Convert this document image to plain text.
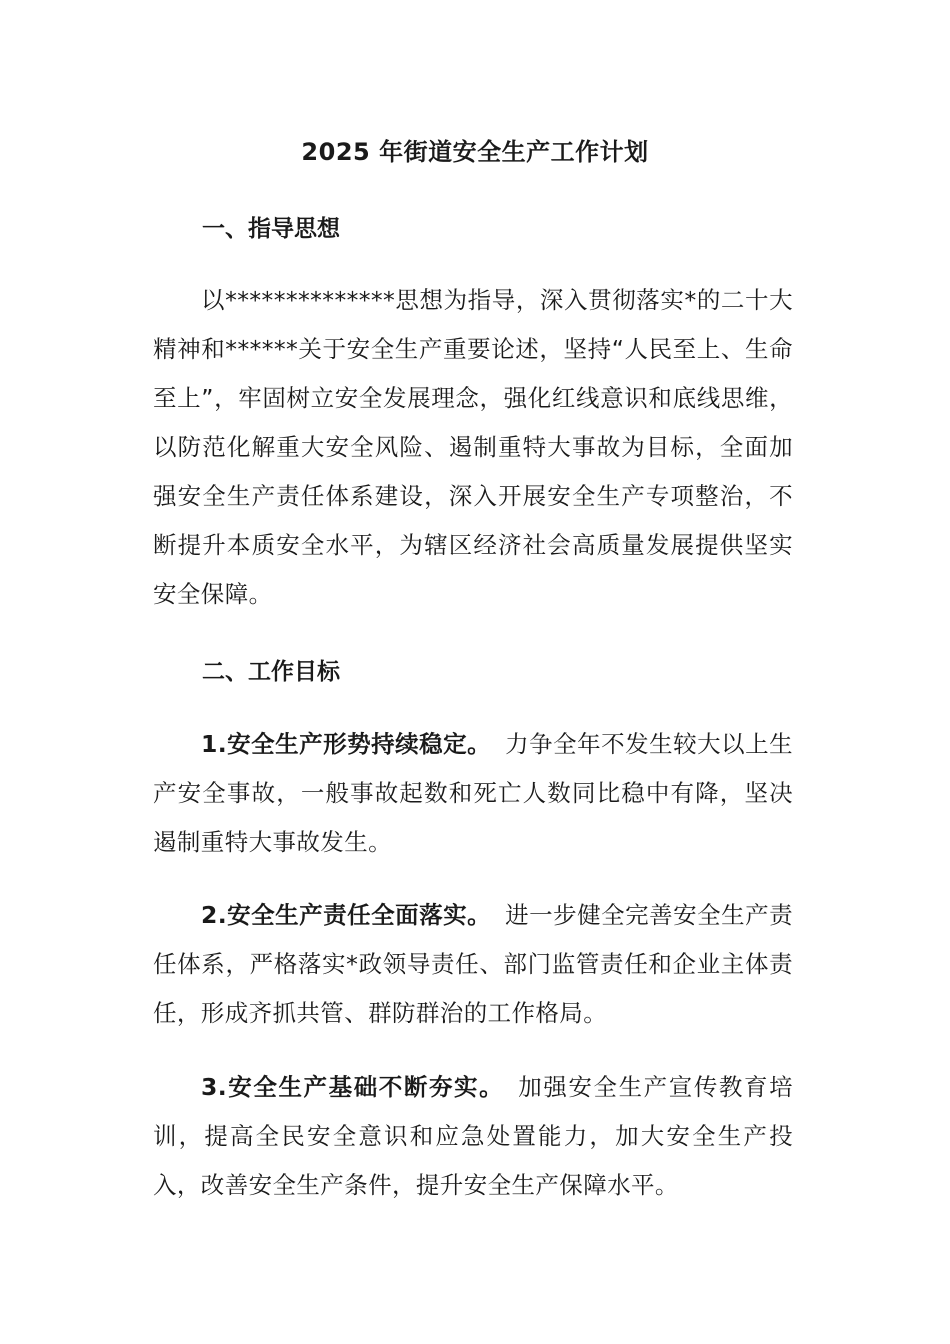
2025 年街道安全生产工作计划
一、指导思想

以**************思想为指导，深入贯彻落实*的二十大精神和******关于安全生产重要论述，坚持“人民至上、生命至上”，牢固树立安全发展理念，强化红线意识和底线思维，以防范化解重大安全风险、遏制重特大事故为目标，全面加强安全生产责任体系建设，深入开展安全生产专项整治，不断提升本质安全水平，为辖区经济社会高质量发展提供坚实安全保障。

二、工作目标

1.安全生产形势持续稳定。 力争全年不发生较大以上生产安全事故，一般事故起数和死亡人数同比稳中有降，坚决遏制重特大事故发生。

2.安全生产责任全面落实。 进一步健全完善安全生产责任体系，严格落实*政领导责任、部门监管责任和企业主体责任，形成齐抓共管、群防群治的工作格局。

3.安全生产基础不断夯实。 加强安全生产宣传教育培训，提高全民安全意识和应急处置能力，加大安全生产投入，改善安全生产条件，提升安全生产保障水平。
